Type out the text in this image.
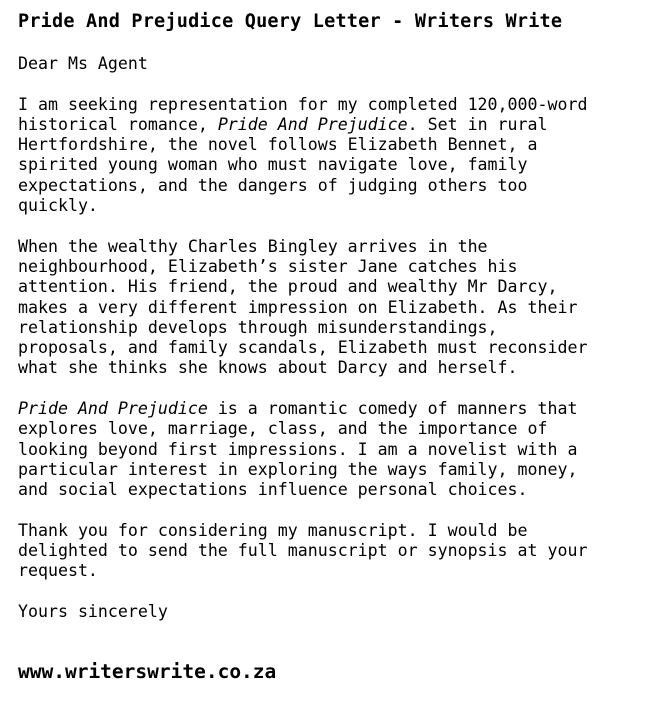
Pride And Prejudice Query Letter - Writers Write
Dear Ms Agent
I am seeking representation for my completed 120,000-word
historical romance, Pride And Prejudice. Set in rural
Hertfordshire, the novel follows Elizabeth Bennet, a
spirited young woman who must navigate love, family
expectations, and the dangers of judging others too
quickly.
When the wealthy Charles Bingley arrives in the
neighbourhood, Elizabeth’s sister Jane catches his
attention. His friend, the proud and wealthy Mr Darcy,
makes a very different impression on Elizabeth. As their
relationship develops through misunderstandings,
proposals, and family scandals, Elizabeth must reconsider
what she thinks she knows about Darcy and herself.
Pride And Prejudice is a romantic comedy of manners that
explores love, marriage, class, and the importance of
looking beyond first impressions. I am a novelist with a
particular interest in exploring the ways family, money,
and social expectations influence personal choices.
Thank you for considering my manuscript. I would be
delighted to send the full manuscript or synopsis at your
request.
Yours sincerely
www.writerswrite.co.za
